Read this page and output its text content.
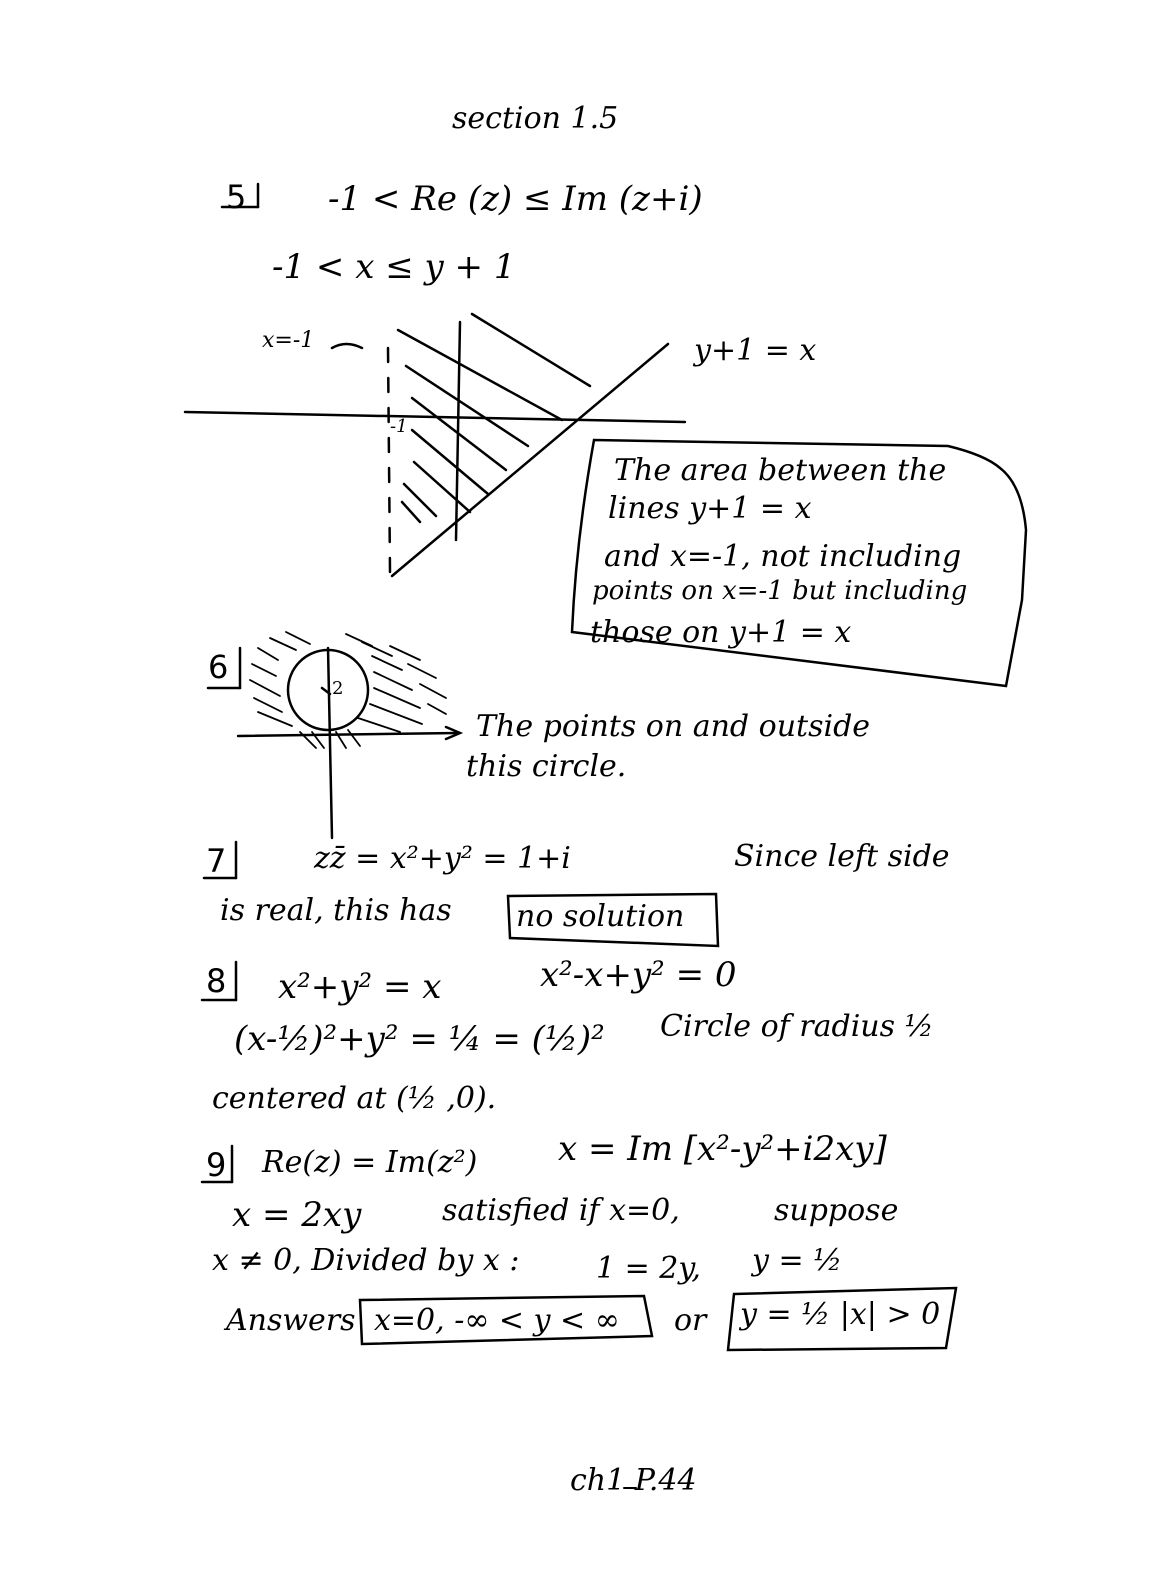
section 1.5
5 -1 < Re (z) ≤ Im (z+i)
-1 < x ≤ y + 1
x=-1	y+1 = x
-1
The area between the
lines y+1 = x
and x=-1, not including
points on x=-1 but including
those on y+1 = x
6
2
The points on and outside
this circle.
7	zz̄ = x²+y² = 1+i	Since left side
is real, this has no solution
8 x²+y² = x	x²-x+y² = 0
(x-½)²+y² = ¼ = (½)² Circle of radius ½
centered at (½ ,0).
9 Re(z) = Im(z²) x = Im [x²-y²+i2xy]
x = 2xy	satisfied if x=0,	suppose
x ≠ 0, Divided by x :	1 = 2y, y = ½
Answers x=0, -∞ < y < ∞ or y = ½ |x| > 0
ch1 P.44
